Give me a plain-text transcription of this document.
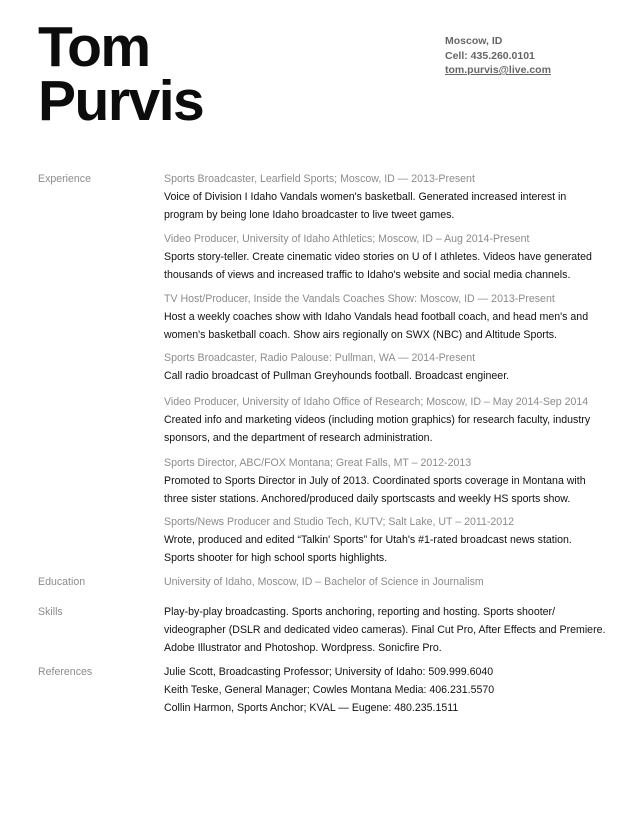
Tom
Purvis
Moscow, ID
Cell: 435.260.0101
tom.purvis@live.com
Experience	Sports Broadcaster, Learfield Sports; Moscow, ID — 2013-Present
Voice of Division I Idaho Vandals women's basketball. Generated increased interest in
program by being lone Idaho broadcaster to live tweet games.
Video Producer, University of Idaho Athletics; Moscow, ID – Aug 2014-Present
Sports story-teller. Create cinematic video stories on U of I athletes. Videos have generated
thousands of views and increased traffic to Idaho's website and social media channels.
TV Host/Producer, Inside the Vandals Coaches Show: Moscow, ID — 2013-Present
Host a weekly coaches show with Idaho Vandals head football coach, and head men's and
women's basketball coach. Show airs regionally on SWX (NBC) and Altitude Sports.
Sports Broadcaster, Radio Palouse: Pullman, WA — 2014-Present
Call radio broadcast of Pullman Greyhounds football. Broadcast engineer.
Video Producer, University of Idaho Office of Research; Moscow, ID – May 2014-Sep 2014
Created info and marketing videos (including motion graphics) for research faculty, industry
sponsors, and the department of research administration.
Sports Director, ABC/FOX Montana; Great Falls, MT – 2012-2013
Promoted to Sports Director in July of 2013. Coordinated sports coverage in Montana with
three sister stations. Anchored/produced daily sportscasts and weekly HS sports show.
Sports/News Producer and Studio Tech, KUTV; Salt Lake, UT – 2011-2012
Wrote, produced and edited “Talkin' Sports” for Utah's #1-rated broadcast news station.
Sports shooter for high school sports highlights.
Education	University of Idaho, Moscow, ID – Bachelor of Science in Journalism
Skills	Play-by-play broadcasting. Sports anchoring, reporting and hosting. Sports shooter/
videographer (DSLR and dedicated video cameras). Final Cut Pro, After Effects and Premiere.
Adobe Illustrator and Photoshop. Wordpress. Sonicfire Pro.
References	Julie Scott, Broadcasting Professor; University of Idaho: 509.999.6040
Keith Teske, General Manager; Cowles Montana Media: 406.231.5570
Collin Harmon, Sports Anchor; KVAL — Eugene: 480.235.1511
